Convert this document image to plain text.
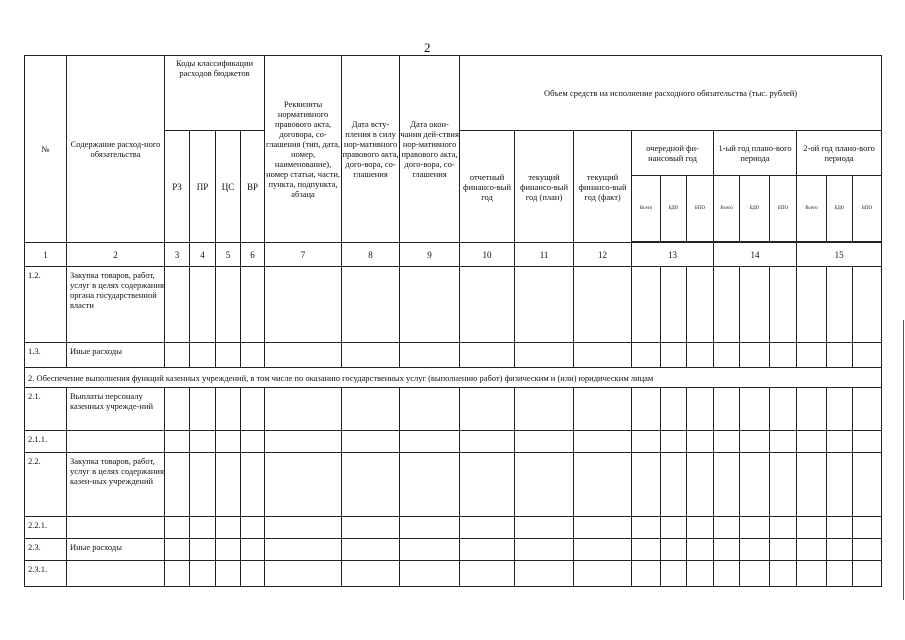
2
№	Содержание расход-ного обязательства	Коды классификации расходов бюджетов				Реквизиты нормативного правового акта, договора, со-глашения (тип, дата, номер, наименование), номер статьи, части, пункта, подпункта, абзаца	Дата всту-пления в силу нор-мативного правового акта, дого-вора, со-глашения	Дата окон-чания дей-ствия нор-мативного правового акта, дого-вора, со-глашения	Объем средств на исполнение расходного обязательства (тыс. рублей)											
		РЗ	ПР	ЦС	ВР				отчетный финансо-вый год	текущий финансо-вый год (план)	текущий финансо-вый год (факт)	очередной фи-нансовый год			1-ый год плано-вого периода			2-ой год плано-вого периода		
												Всего	БДО	БПО	Всего	БДО	БПО	Всего	БДО	БПО

1	2	3	4	5	6	7	8	9	10	11	12	13			14			15		
1.2.	Закупка товаров, работ, услуг в целях содержания органа государственной власти																			
1.3.	Иные расходы																			
2. Обеспечение выполнения функций казенных учреждений, в том числе по оказанию государственных услуг (выполнению работ) физическим и (или) юридическим лицам																				
2.1.	Выплаты персоналу казенных учрежде-ний																			
2.1.1.																				
2.2.	Закупка товаров, работ, услуг в целях содержания казен-ных учреждений																			
2.2.1.																				
2.3.	Иные расходы																			
2.3.1.																				
